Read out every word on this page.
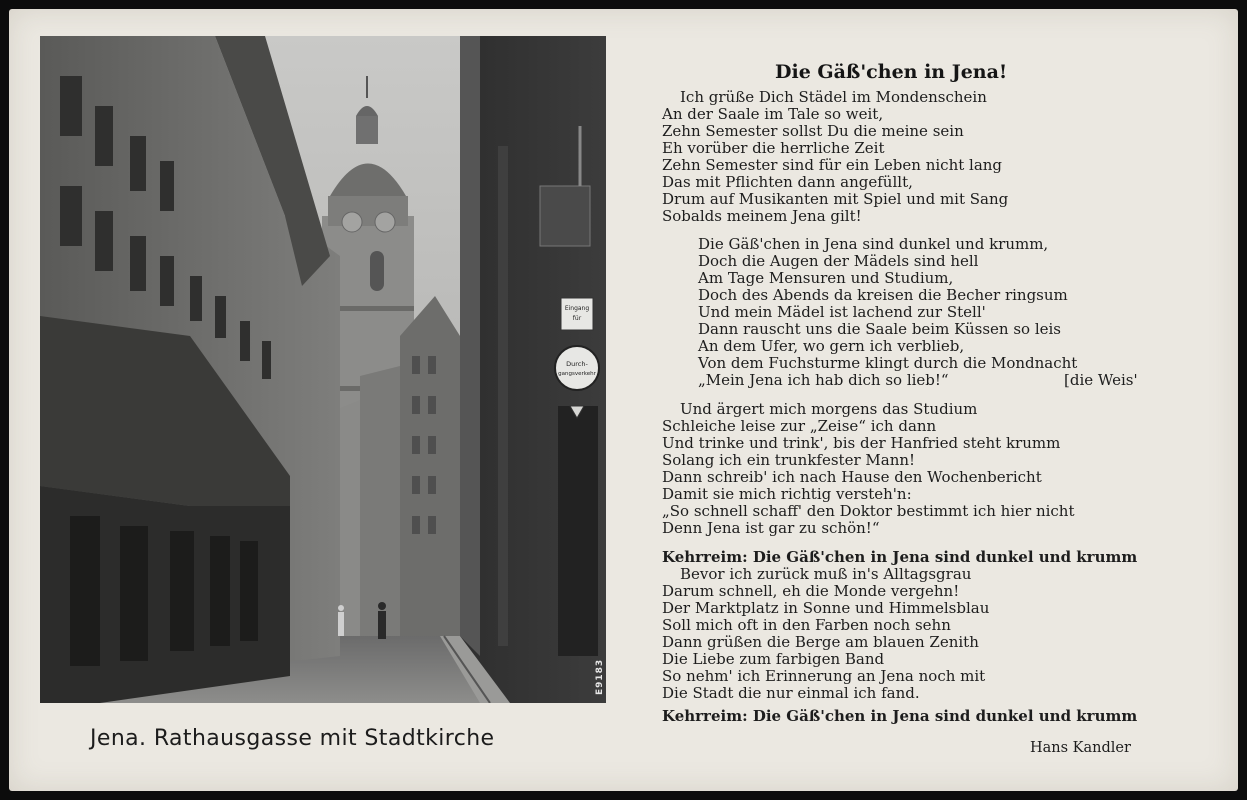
Eingang
für
Durch-
gangsverkehr
E9183
Jena. Rathausgasse mit Stadtkirche
Die Gäß'chen in Jena!
Ich grüße Dich Städel im Mondenschein
An der Saale im Tale so weit,
Zehn Semester sollst Du die meine sein
Eh vorüber die herrliche Zeit
Zehn Semester sind für ein Leben nicht lang
Das mit Pflichten dann angefüllt,
Drum auf Musikanten mit Spiel und mit Sang
Sobalds meinem Jena gilt!
Die Gäß'chen in Jena sind dunkel und krumm,
Doch die Augen der Mädels sind hell
Am Tage Mensuren und Studium,
Doch des Abends da kreisen die Becher ringsum
Und mein Mädel ist lachend zur Stell'
Dann rauscht uns die Saale beim Küssen so leis
An dem Ufer, wo gern ich verblieb,
Von dem Fuchsturme klingt durch die Mondnacht
„Mein Jena ich hab dich so lieb!“	[die Weis'
Und ärgert mich morgens das Studium
Schleiche leise zur „Zeise“ ich dann
Und trinke und trink', bis der Hanfried steht krumm
Solang ich ein trunkfester Mann!
Dann schreib' ich nach Hause den Wochenbericht
Damit sie mich richtig versteh'n:
„So schnell schaff' den Doktor bestimmt ich hier nicht
Denn Jena ist gar zu schön!“
Kehrreim: Die Gäß'chen in Jena sind dunkel und krumm
Bevor ich zurück muß in's Alltagsgrau
Darum schnell, eh die Monde vergehn!
Der Marktplatz in Sonne und Himmelsblau
Soll mich oft in den Farben noch sehn
Dann grüßen die Berge am blauen Zenith
Die Liebe zum farbigen Band
So nehm' ich Erinnerung an Jena noch mit
Die Stadt die nur einmal ich fand.
Kehrreim: Die Gäß'chen in Jena sind dunkel und krumm
Hans Kandler
